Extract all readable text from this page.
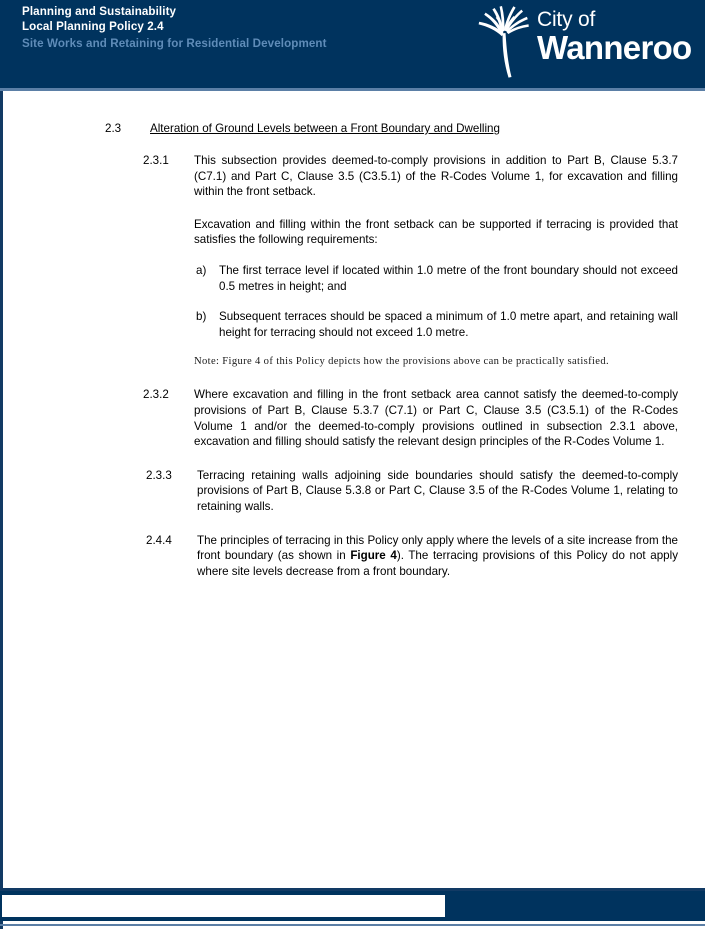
Planning and Sustainability
Local Planning Policy 2.4
Site Works and Retaining for Residential Development
City of
Wanneroo
2.3 Alteration of Ground Levels between a Front Boundary and Dwelling
2.3.1	This subsection provides deemed-to-comply provisions in addition to Part B, Clause 5.3.7 (C7.1) and Part C, Clause 3.5 (C3.5.1) of the R-Codes Volume 1, for excavation and filling within the front setback.
Excavation and filling within the front setback can be supported if terracing is provided that satisfies the following requirements:
a) The first terrace level if located within 1.0 metre of the front boundary should not exceed 0.5 metres in height; and
b) Subsequent terraces should be spaced a minimum of 1.0 metre apart, and retaining wall height for terracing should not exceed 1.0 metre.
Note: Figure 4 of this Policy depicts how the provisions above can be practically satisfied.
2.3.2	Where excavation and filling in the front setback area cannot satisfy the deemed-to-comply provisions of Part B, Clause 5.3.7 (C7.1) or Part C, Clause 3.5 (C3.5.1) of the R-Codes Volume 1 and/or the deemed-to-comply provisions outlined in subsection 2.3.1 above, excavation and filling should satisfy the relevant design principles of the R-Codes Volume 1.
2.3.3	Terracing retaining walls adjoining side boundaries should satisfy the deemed-to-comply provisions of Part B, Clause 5.3.8 or Part C, Clause 3.5 of the R-Codes Volume 1, relating to retaining walls.
2.4.4	The principles of terracing in this Policy only apply where the levels of a site increase from the front boundary (as shown in Figure 4). The terracing provisions of this Policy do not apply where site levels decrease from a front boundary.
